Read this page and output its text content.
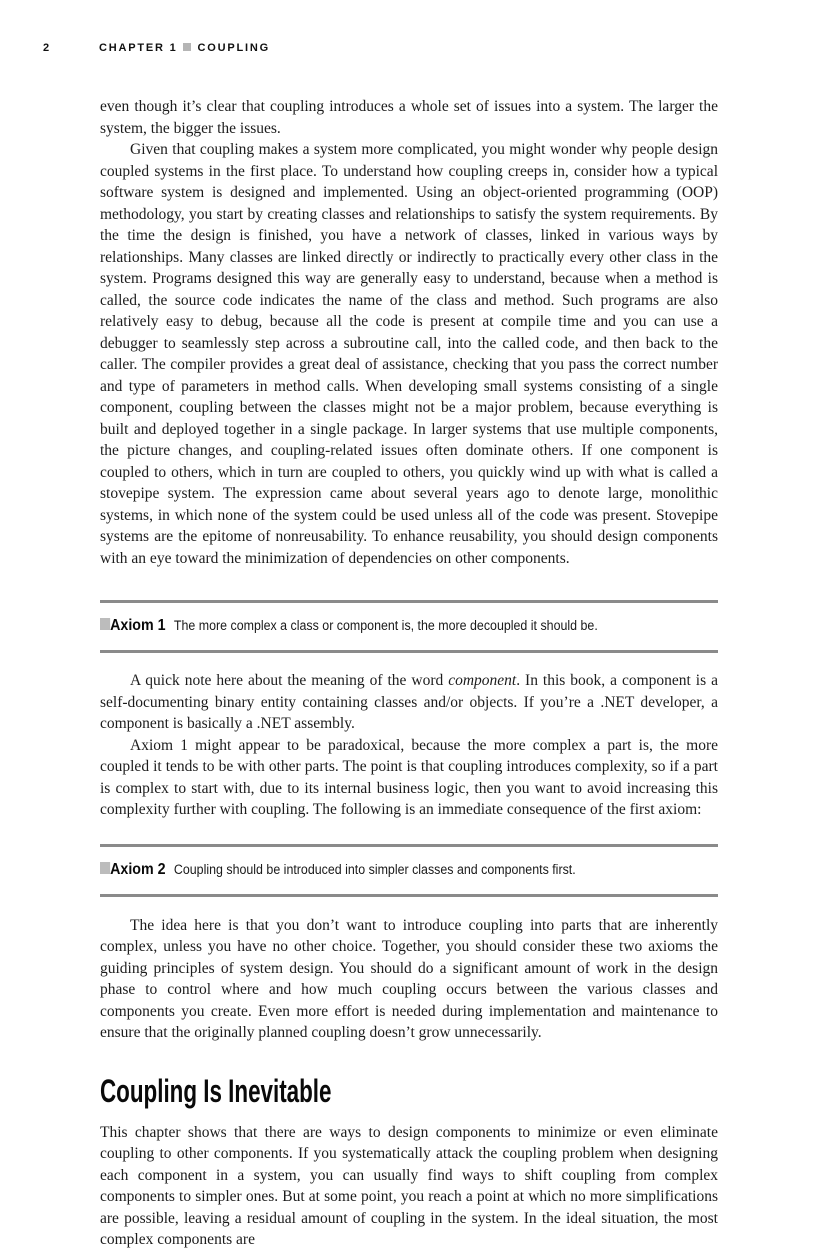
2	CHAPTER 1 COUPLING

even though it’s clear that coupling introduces a whole set of issues into a system. The larger the system, the bigger the issues.

Given that coupling makes a system more complicated, you might wonder why people design coupled systems in the first place. To understand how coupling creeps in, consider how a typical software system is designed and implemented. Using an object-oriented programming (OOP) methodology, you start by creating classes and relationships to satisfy the system requirements. By the time the design is finished, you have a network of classes, linked in various ways by relationships. Many classes are linked directly or indirectly to practically every other class in the system. Programs designed this way are generally easy to understand, because when a method is called, the source code indicates the name of the class and method. Such programs are also relatively easy to debug, because all the code is present at compile time and you can use a debugger to seamlessly step across a subroutine call, into the called code, and then back to the caller. The compiler provides a great deal of assistance, checking that you pass the correct number and type of parameters in method calls. When developing small systems consisting of a single component, coupling between the classes might not be a major problem, because everything is built and deployed together in a single package. In larger systems that use multiple components, the picture changes, and coupling-related issues often dominate others. If one component is coupled to others, which in turn are coupled to others, you quickly wind up with what is called a stovepipe system. The expression came about several years ago to denote large, monolithic systems, in which none of the system could be used unless all of the code was present. Stovepipe systems are the epitome of nonreusability. To enhance reusability, you should design components with an eye toward the minimization of dependencies on other components.

Axiom 1 The more complex a class or component is, the more decoupled it should be.

A quick note here about the meaning of the word component. In this book, a component is a self-documenting binary entity containing classes and/or objects. If you’re a .NET developer, a component is basically a .NET assembly.

Axiom 1 might appear to be paradoxical, because the more complex a part is, the more coupled it tends to be with other parts. The point is that coupling introduces complexity, so if a part is complex to start with, due to its internal business logic, then you want to avoid increasing this complexity further with coupling. The following is an immediate consequence of the first axiom:

Axiom 2 Coupling should be introduced into simpler classes and components first.

The idea here is that you don’t want to introduce coupling into parts that are inherently complex, unless you have no other choice. Together, you should consider these two axioms the guiding principles of system design. You should do a significant amount of work in the design phase to control where and how much coupling occurs between the various classes and components you create. Even more effort is needed during implementation and maintenance to ensure that the originally planned coupling doesn’t grow unnecessarily.

Coupling Is Inevitable

This chapter shows that there are ways to design components to minimize or even eliminate coupling to other components. If you systematically attack the coupling problem when designing each component in a system, you can usually find ways to shift coupling from complex components to simpler ones. But at some point, you reach a point at which no more simplifications are possible, leaving a residual amount of coupling in the system. In the ideal situation, the most complex components are
